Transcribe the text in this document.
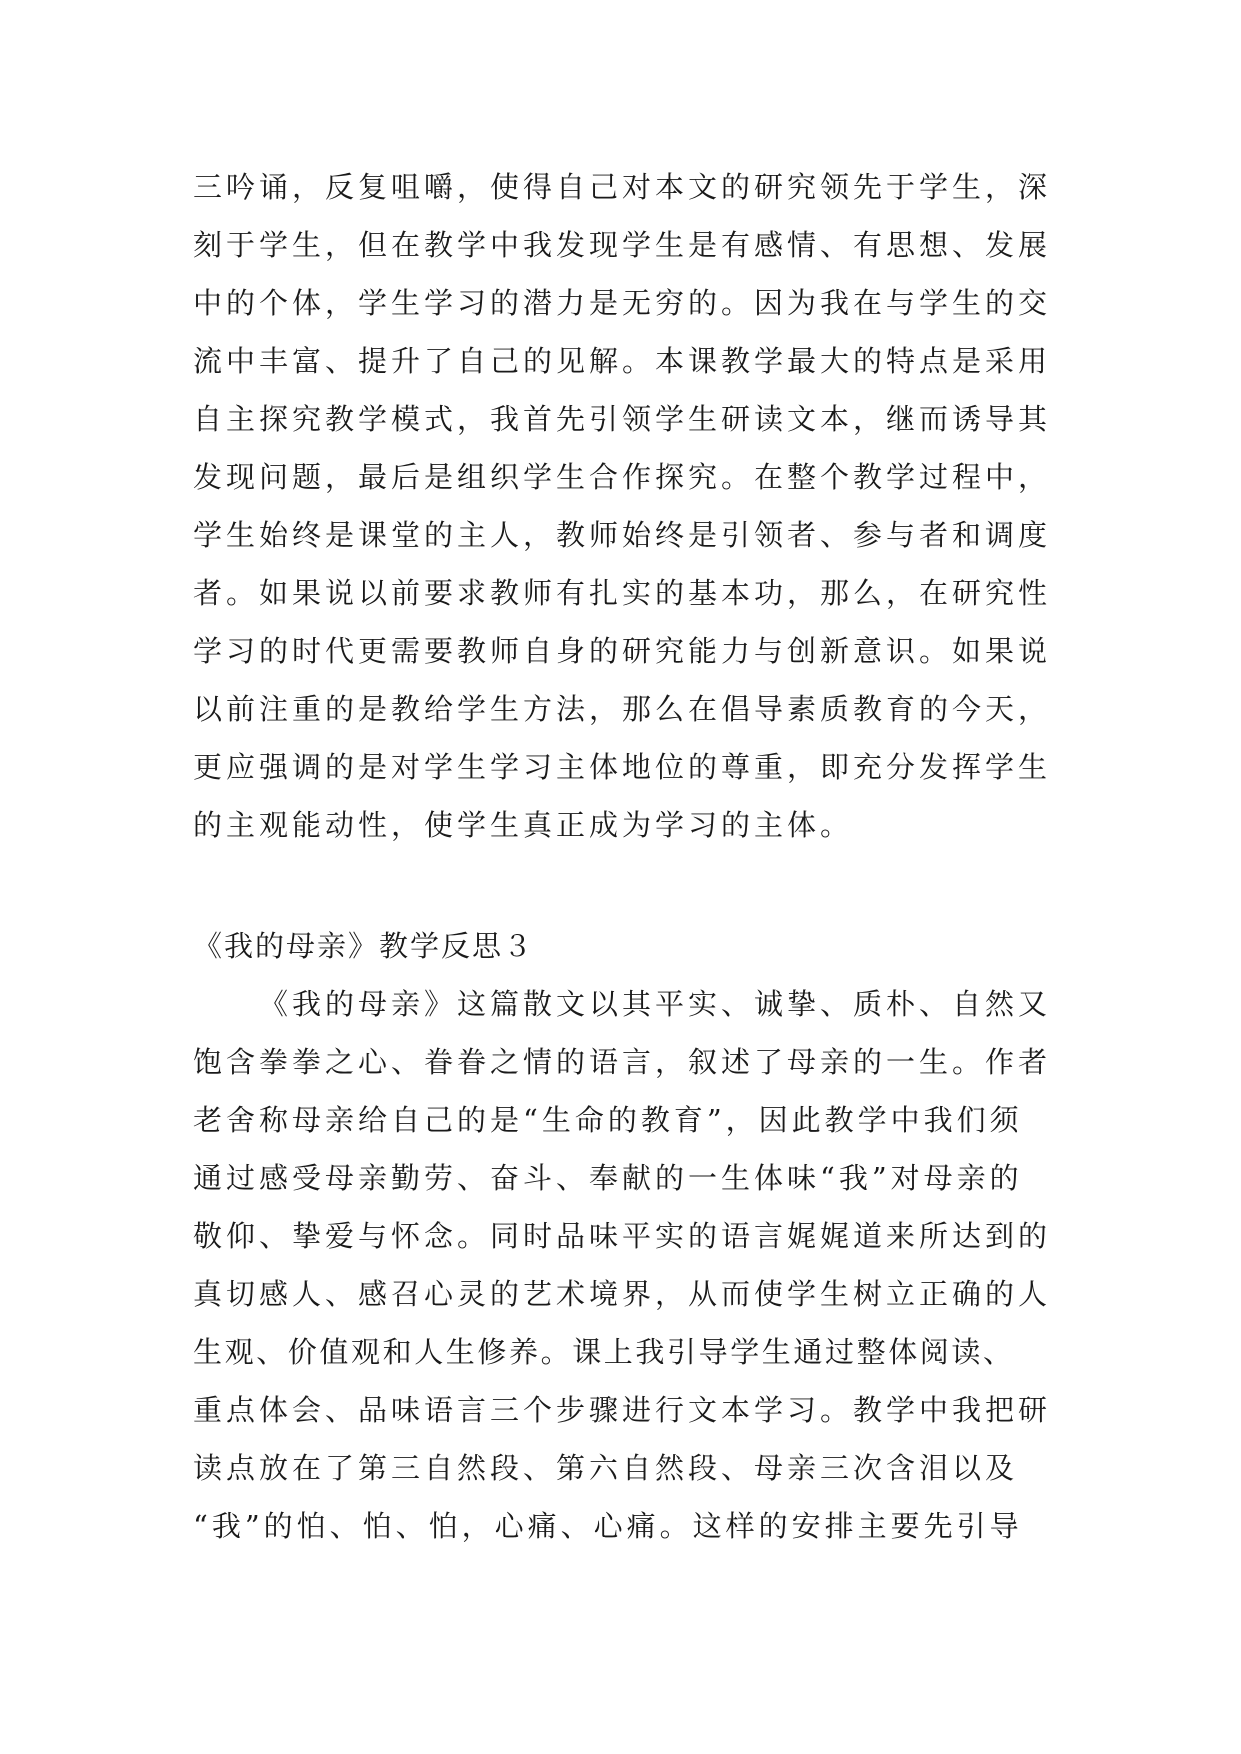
三吟诵，反复咀嚼，使得自己对本文的研究领先于学生，深
刻于学生，但在教学中我发现学生是有感情、有思想、发展
中的个体，学生学习的潜力是无穷的。因为我在与学生的交
流中丰富、提升了自己的见解。本课教学最大的特点是采用
自主探究教学模式，我首先引领学生研读文本，继而诱导其
发现问题，最后是组织学生合作探究。在整个教学过程中，
学生始终是课堂的主人，教师始终是引领者、参与者和调度
者。如果说以前要求教师有扎实的基本功，那么，在研究性
学习的时代更需要教师自身的研究能力与创新意识。如果说
以前注重的是教给学生方法，那么在倡导素质教育的今天，
更应强调的是对学生学习主体地位的尊重，即充分发挥学生
的主观能动性，使学生真正成为学习的主体。
《我的母亲》教学反思３
《我的母亲》这篇散文以其平实、诚挚、质朴、自然又
饱含拳拳之心、眷眷之情的语言，叙述了母亲的一生。作者
老舍称母亲给自己的是“生命的教育”，因此教学中我们须
通过感受母亲勤劳、奋斗、奉献的一生体味“我”对母亲的
敬仰、挚爱与怀念。同时品味平实的语言娓娓道来所达到的
真切感人、感召心灵的艺术境界，从而使学生树立正确的人
生观、价值观和人生修养。课上我引导学生通过整体阅读、
重点体会、品味语言三个步骤进行文本学习。教学中我把研
读点放在了第三自然段、第六自然段、母亲三次含泪以及
“我”的怕、怕、怕，心痛、心痛。这样的安排主要先引导
